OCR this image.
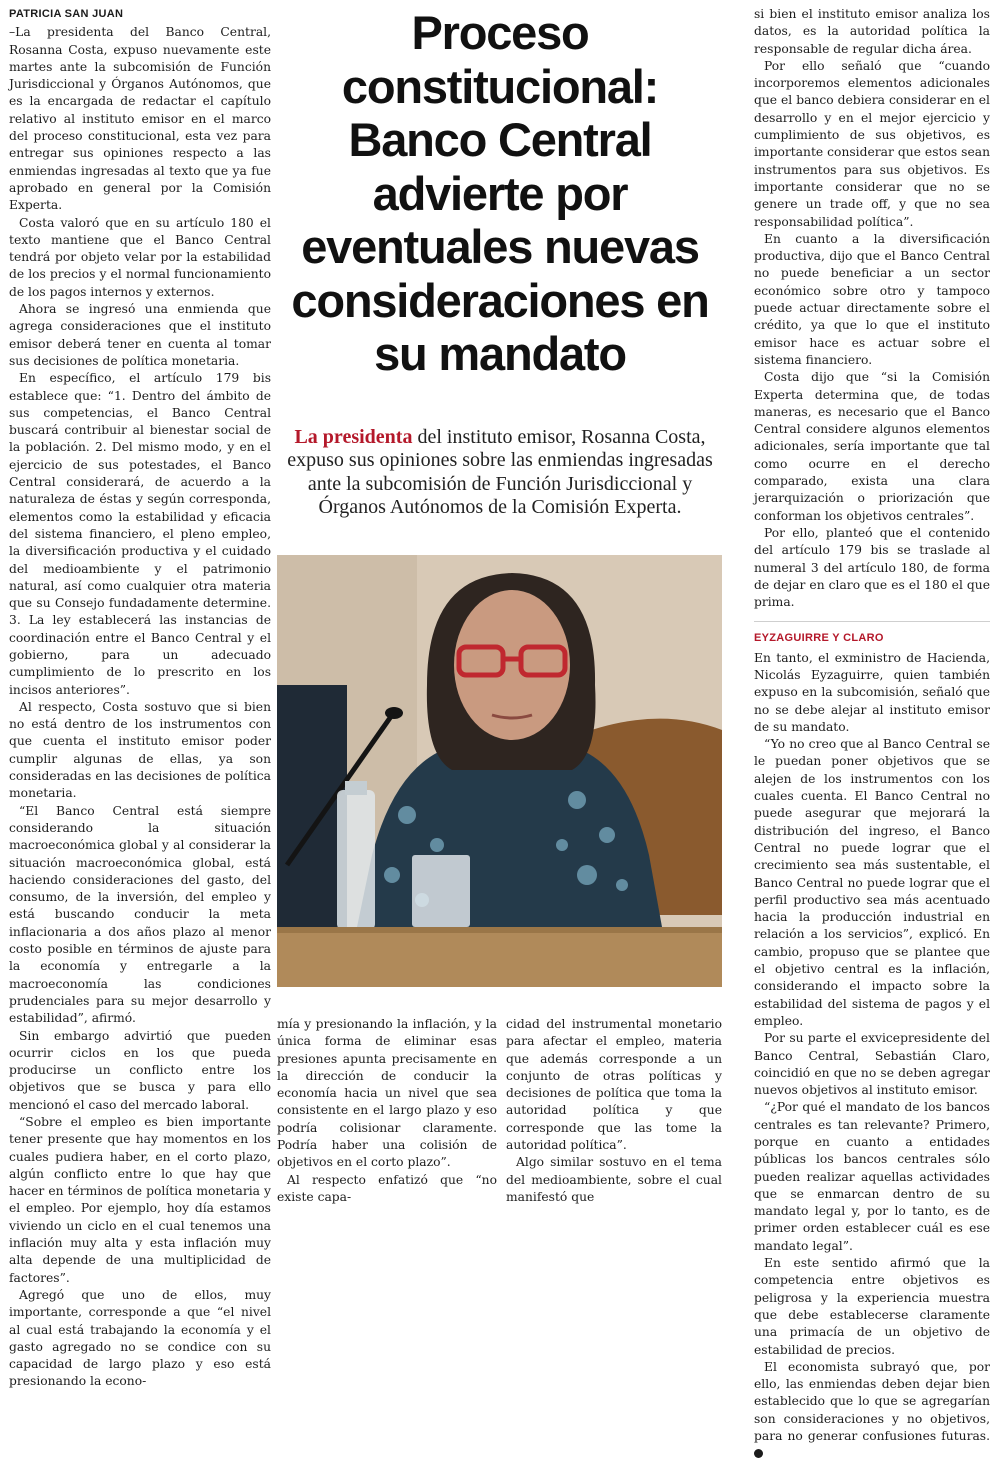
PATRICIA SAN JUAN

–La presidenta del Banco Central, Rosanna Costa, expuso nuevamente este martes ante la subcomisión de Función Jurisdiccional y Órganos Autónomos, que es la encargada de redactar el capítulo relativo al instituto emisor en el marco del proceso constitucional, esta vez para entregar sus opiniones respecto a las enmiendas ingresadas al texto que ya fue aprobado en general por la Comisión Experta.

Costa valoró que en su artículo 180 el texto mantiene que el Banco Central tendrá por objeto velar por la estabilidad de los precios y el normal funcionamiento de los pagos internos y externos.

Ahora se ingresó una enmienda que agrega consideraciones que el instituto emisor deberá tener en cuenta al tomar sus decisiones de política monetaria.

En específico, el artículo 179 bis establece que: “1. Dentro del ámbito de sus competencias, el Banco Central buscará contribuir al bienestar social de la población. 2. Del mismo modo, y en el ejercicio de sus potestades, el Banco Central considerará, de acuerdo a la naturaleza de éstas y según corresponda, elementos como la estabilidad y eficacia del sistema financiero, el pleno empleo, la diversificación productiva y el cuidado del medioambiente y el patrimonio natural, así como cualquier otra materia que su Consejo fundadamente determine. 3. La ley establecerá las instancias de coordinación entre el Banco Central y el gobierno, para un adecuado cumplimiento de lo prescrito en los incisos anteriores”.

Al respecto, Costa sostuvo que si bien no está dentro de los instrumentos con que cuenta el instituto emisor poder cumplir algunas de ellas, ya son consideradas en las decisiones de política monetaria.

“El Banco Central está siempre considerando la situación macroeconómica global y al considerar la situación macroeconómica global, está haciendo consideraciones del gasto, del consumo, de la inversión, del empleo y está buscando conducir la meta inflacionaria a dos años plazo al menor costo posible en términos de ajuste para la economía y entregarle a la macroeconomía las condiciones prudenciales para su mejor desarrollo y estabilidad”, afirmó.

Sin embargo advirtió que pueden ocurrir ciclos en los que pueda producirse un conflicto entre los objetivos que se busca y para ello mencionó el caso del mercado laboral.

“Sobre el empleo es bien importante tener presente que hay momentos en los cuales pudiera haber, en el corto plazo, algún conflicto entre lo que hay que hacer en términos de política monetaria y el empleo. Por ejemplo, hoy día estamos viviendo un ciclo en el cual tenemos una inflación muy alta y esta inflación muy alta depende de una multiplicidad de factores”.

Agregó que uno de ellos, muy importante, corresponde a que “el nivel al cual está trabajando la economía y el gasto agregado no se condice con su capacidad de largo plazo y eso está presionando la econo-

Proceso constitucional: Banco Central advierte por eventuales nuevas consideraciones en su mandato
La presidenta del instituto emisor, Rosanna Costa, expuso sus opiniones sobre las enmiendas ingresadas ante la subcomisión de Función Jurisdiccional y Órganos Autónomos de la Comisión Experta.

mía y presionando la inflación, y la única forma de eliminar esas presiones apunta precisamente en la dirección de conducir la economía hacia un nivel que sea consistente en el largo plazo y eso podría colisionar claramente. Podría haber una colisión de objetivos en el corto plazo”.

Al respecto enfatizó que “no existe capa-

cidad del instrumental monetario para afectar el empleo, materia que además corresponde a un conjunto de otras políticas y decisiones de política que toma la autoridad política y que corresponde que las tome la autoridad política”.

Algo similar sostuvo en el tema del medioambiente, sobre el cual manifestó que

si bien el instituto emisor analiza los datos, es la autoridad política la responsable de regular dicha área.

Por ello señaló que “cuando incorporemos elementos adicionales que el banco debiera considerar en el desarrollo y en el mejor ejercicio y cumplimiento de sus objetivos, es importante considerar que estos sean instrumentos para sus objetivos. Es importante considerar que no se genere un trade off, y que no sea responsabilidad política”.

En cuanto a la diversificación productiva, dijo que el Banco Central no puede beneficiar a un sector económico sobre otro y tampoco puede actuar directamente sobre el crédito, ya que lo que el instituto emisor hace es actuar sobre el sistema financiero.

Costa dijo que “si la Comisión Experta determina que, de todas maneras, es necesario que el Banco Central considere algunos elementos adicionales, sería importante que tal como ocurre en el derecho comparado, exista una clara jerarquización o priorización que conforman los objetivos centrales”.

Por ello, planteó que el contenido del artículo 179 bis se traslade al numeral 3 del artículo 180, de forma de dejar en claro que es el 180 el que prima.

EYZAGUIRRE Y CLARO

En tanto, el exministro de Hacienda, Nicolás Eyzaguirre, quien también expuso en la subcomisión, señaló que no se debe alejar al instituto emisor de su mandato.

“Yo no creo que al Banco Central se le puedan poner objetivos que se alejen de los instrumentos con los cuales cuenta. El Banco Central no puede asegurar que mejorará la distribución del ingreso, el Banco Central no puede lograr que el crecimiento sea más sustentable, el Banco Central no puede lograr que el perfil productivo sea más acentuado hacia la producción industrial en relación a los servicios”, explicó. En cambio, propuso que se plantee que el objetivo central es la inflación, considerando el impacto sobre la estabilidad del sistema de pagos y el empleo.

Por su parte el exvicepresidente del Banco Central, Sebastián Claro, coincidió en que no se deben agregar nuevos objetivos al instituto emisor.

“¿Por qué el mandato de los bancos centrales es tan relevante? Primero, porque en cuanto a entidades públicas los bancos centrales sólo pueden realizar aquellas actividades que se enmarcan dentro de su mandato legal y, por lo tanto, es de primer orden establecer cuál es ese mandato legal”.

En este sentido afirmó que la competencia entre objetivos es peligrosa y la experiencia muestra que debe establecerse claramente una primacía de un objetivo de estabilidad de precios.

El economista subrayó que, por ello, las enmiendas deben dejar bien establecido que lo que se agregarían son consideraciones y no objetivos, para no generar confusiones futuras.
